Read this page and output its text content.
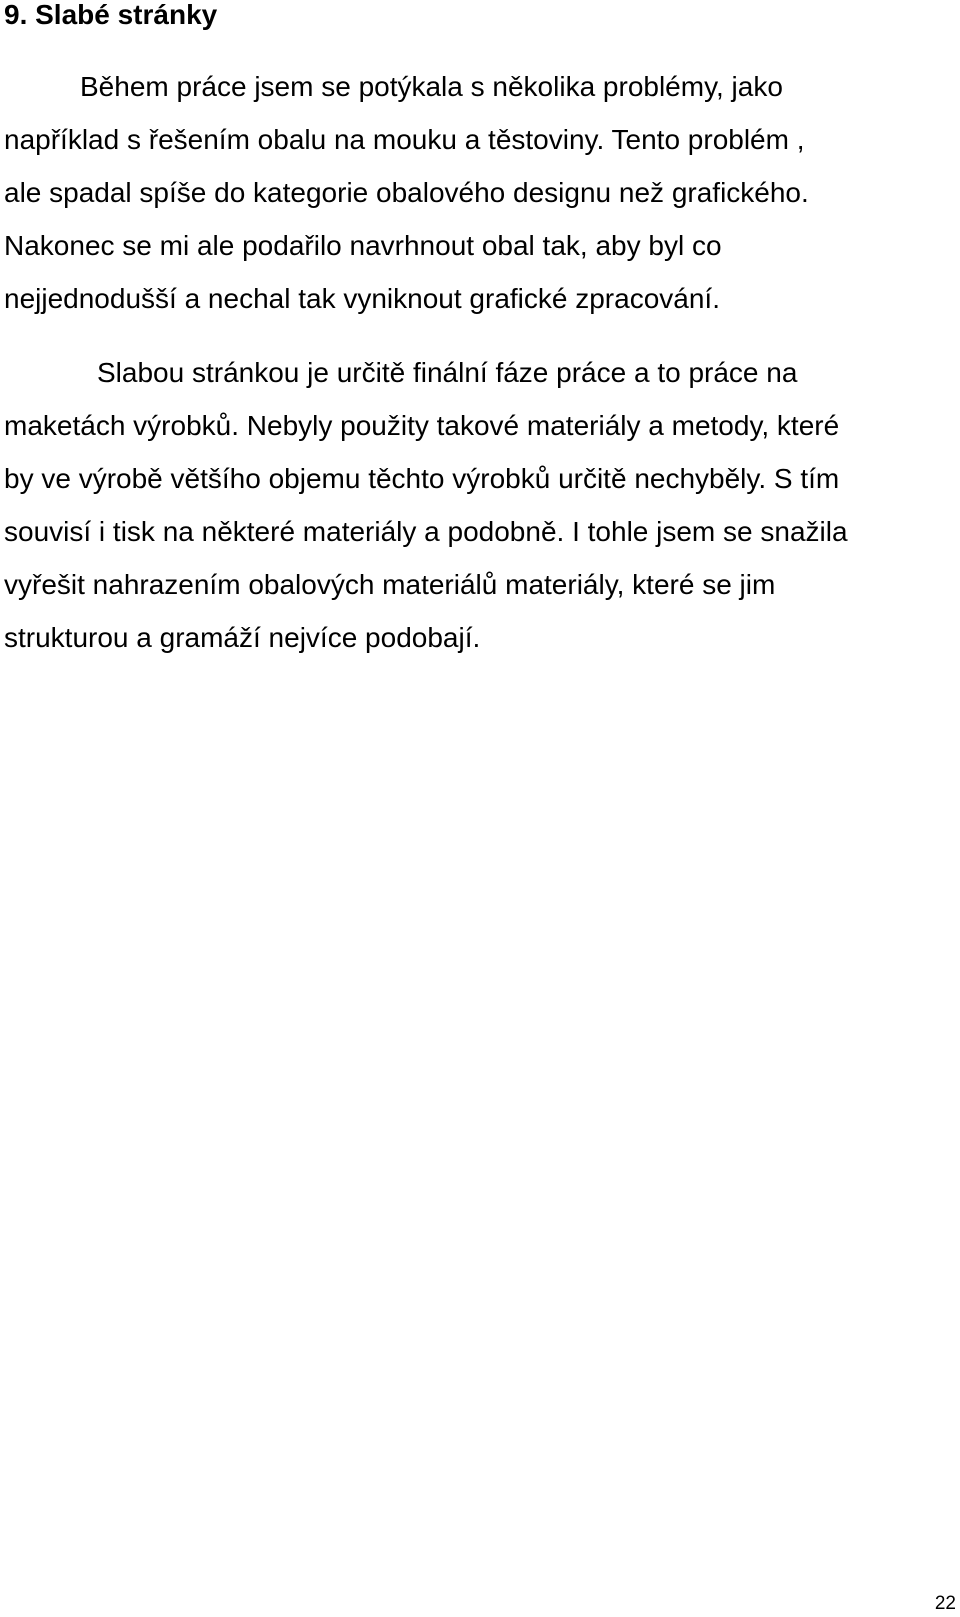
9. Slabé stránky

Během práce jsem se potýkala s několika problémy, jako

například s řešením obalu na mouku a těstoviny. Tento problém ,

ale spadal spíše do kategorie obalového designu než grafického.

Nakonec se mi ale podařilo navrhnout obal tak, aby byl co

nejjednodušší a nechal tak vyniknout grafické zpracování.

Slabou stránkou je určitě finální fáze práce a to práce na

maketách výrobků. Nebyly použity takové materiály a metody, které

by ve výrobě většího objemu těchto výrobků určitě nechyběly. S tím

souvisí i tisk na některé materiály a podobně. I tohle jsem se snažila

vyřešit nahrazením obalových materiálů materiály, které se jim

strukturou a gramáží nejvíce podobají.

22
